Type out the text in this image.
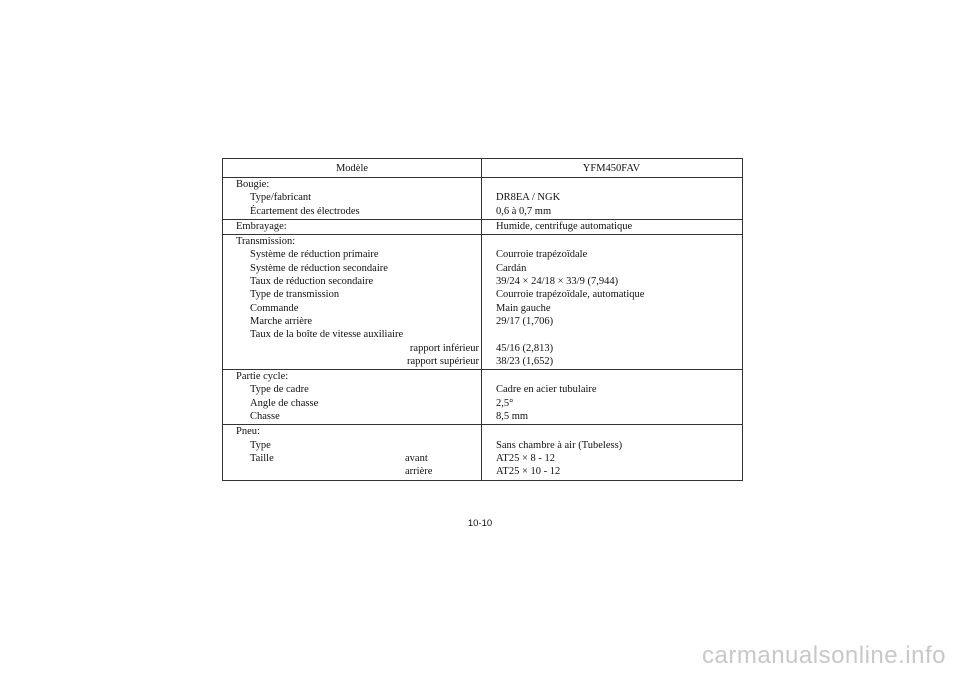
Modèle	YFM450FAV
Bougie:
Type/fabricant	DR8EA / NGK
Écartement des électrodes	0,6 à 0,7 mm
Embrayage:	Humide, centrifuge automatique
Transmission:
Système de réduction primaire	Courroie trapézoïdale
Système de réduction secondaire	Cardán
Taux de réduction secondaire	39/24 × 24/18 × 33/9 (7,944)
Type de transmission	Courroie trapézoïdale, automatique
Commande	Main gauche
Marche arrière	29/17 (1,706)
Taux de la boîte de vitesse auxiliaire
rapport inférieur 45/16 (2,813)
rapport supérieur 38/23 (1,652)
Partie cycle:
Type de cadre	Cadre en acier tubulaire
Angle de chasse	2,5°
Chasse	8,5 mm
Pneu:
Type	Sans chambre à air (Tubeless)
Taille	avant	AT25 × 8 - 12
arrière	AT25 × 10 - 12
10-10
carmanualsonline.info
